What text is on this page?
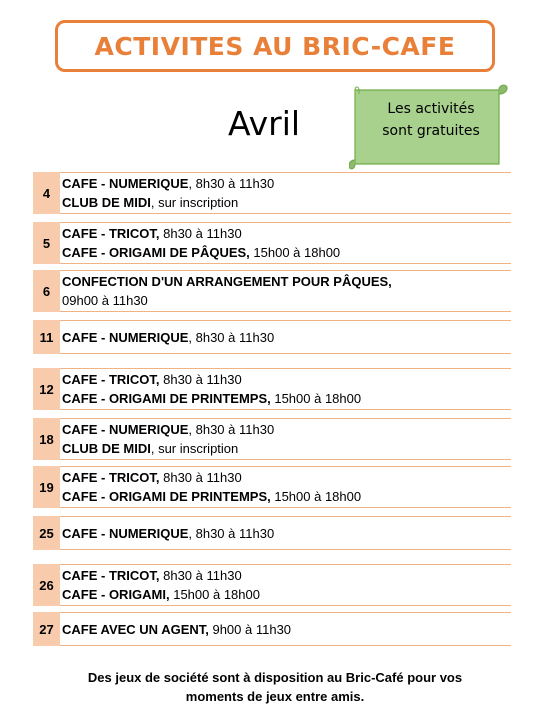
ACTIVITES AU BRIC-CAFE
Avril	Les activités
sont gratuites
4
CAFE - NUMERIQUE, 8h30 à 11h30
CLUB DE MIDI, sur inscription
5
CAFE - TRICOT, 8h30 à 11h30
CAFE - ORIGAMI DE PÂQUES, 15h00 à 18h00
6
CONFECTION D'UN ARRANGEMENT POUR PÂQUES,
09h00 à 11h30
11 CAFE - NUMERIQUE, 8h30 à 11h30
12
CAFE - TRICOT, 8h30 à 11h30
CAFE - ORIGAMI DE PRINTEMPS, 15h00 à 18h00
18
CAFE - NUMERIQUE, 8h30 à 11h30
CLUB DE MIDI, sur inscription
19
CAFE - TRICOT, 8h30 à 11h30
CAFE - ORIGAMI DE PRINTEMPS, 15h00 à 18h00
25 CAFE - NUMERIQUE, 8h30 à 11h30
26
CAFE - TRICOT, 8h30 à 11h30
CAFE - ORIGAMI, 15h00 à 18h00
27 CAFE AVEC UN AGENT, 9h00 à 11h30
Des jeux de société sont à disposition au Bric-Café pour vos
moments de jeux entre amis.
